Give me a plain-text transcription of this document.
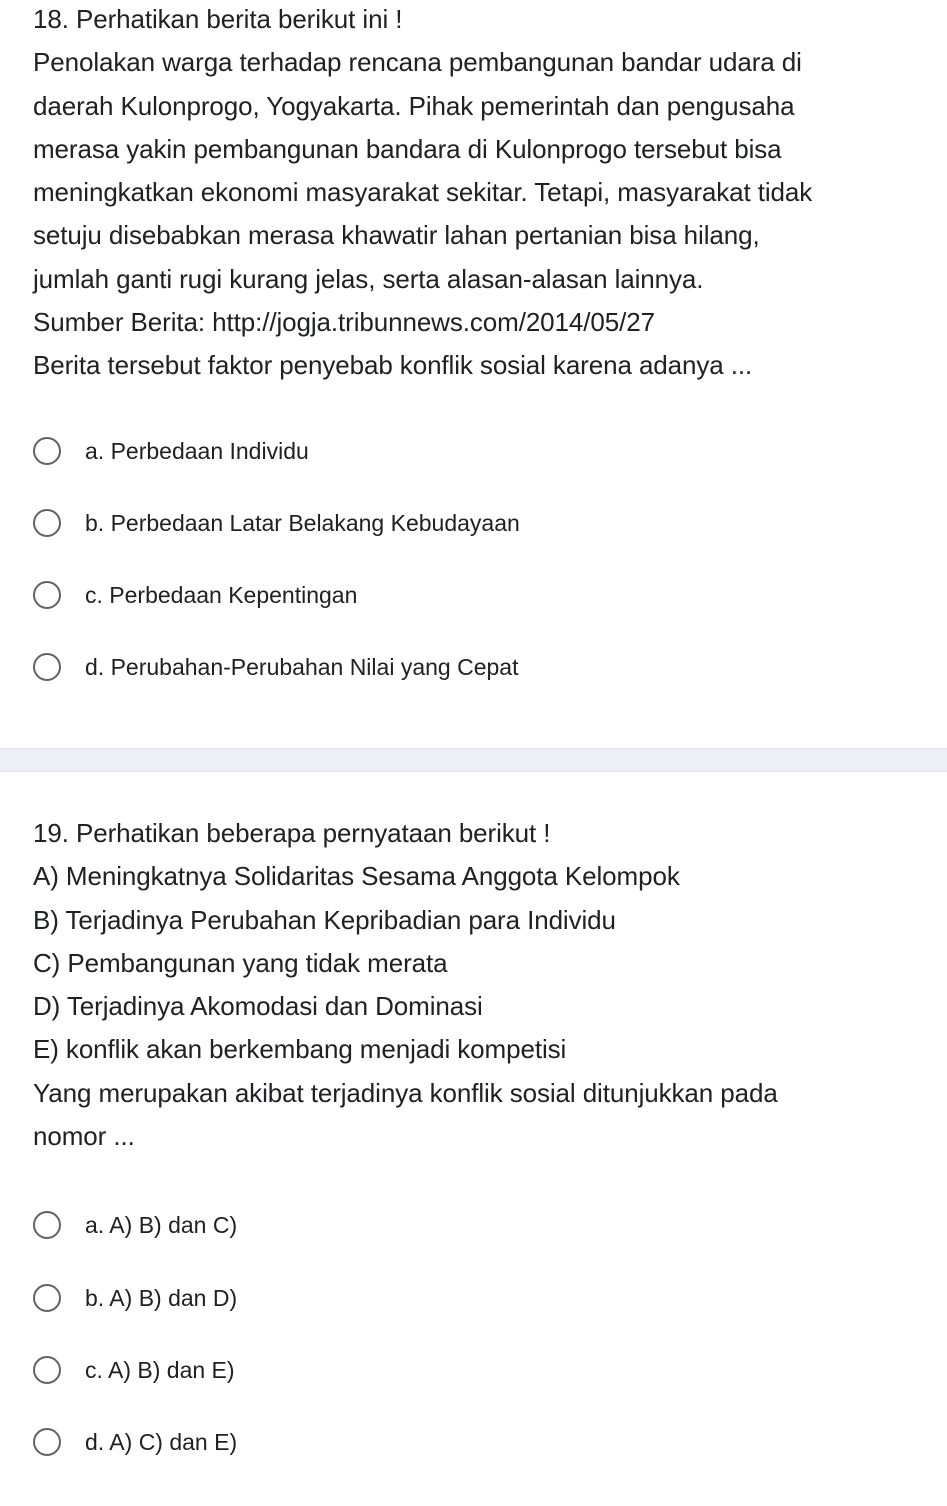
18. Perhatikan berita berikut ini !
Penolakan warga terhadap rencana pembangunan bandar udara di
daerah Kulonprogo, Yogyakarta. Pihak pemerintah dan pengusaha
merasa yakin pembangunan bandara di Kulonprogo tersebut bisa
meningkatkan ekonomi masyarakat sekitar. Tetapi, masyarakat tidak
setuju disebabkan merasa khawatir lahan pertanian bisa hilang,
jumlah ganti rugi kurang jelas, serta alasan-alasan lainnya.
Sumber Berita: http://jogja.tribunnews.com/2014/05/27
Berita tersebut faktor penyebab konflik sosial karena adanya ...
a. Perbedaan Individu
b. Perbedaan Latar Belakang Kebudayaan
c. Perbedaan Kepentingan
d. Perubahan-Perubahan Nilai yang Cepat
19. Perhatikan beberapa pernyataan berikut !
A) Meningkatnya Solidaritas Sesama Anggota Kelompok
B) Terjadinya Perubahan Kepribadian para Individu
C) Pembangunan yang tidak merata
D) Terjadinya Akomodasi dan Dominasi
E) konflik akan berkembang menjadi kompetisi
Yang merupakan akibat terjadinya konflik sosial ditunjukkan pada
nomor ...
a. A) B) dan C)
b. A) B) dan D)
c. A) B) dan E)
d. A) C) dan E)
